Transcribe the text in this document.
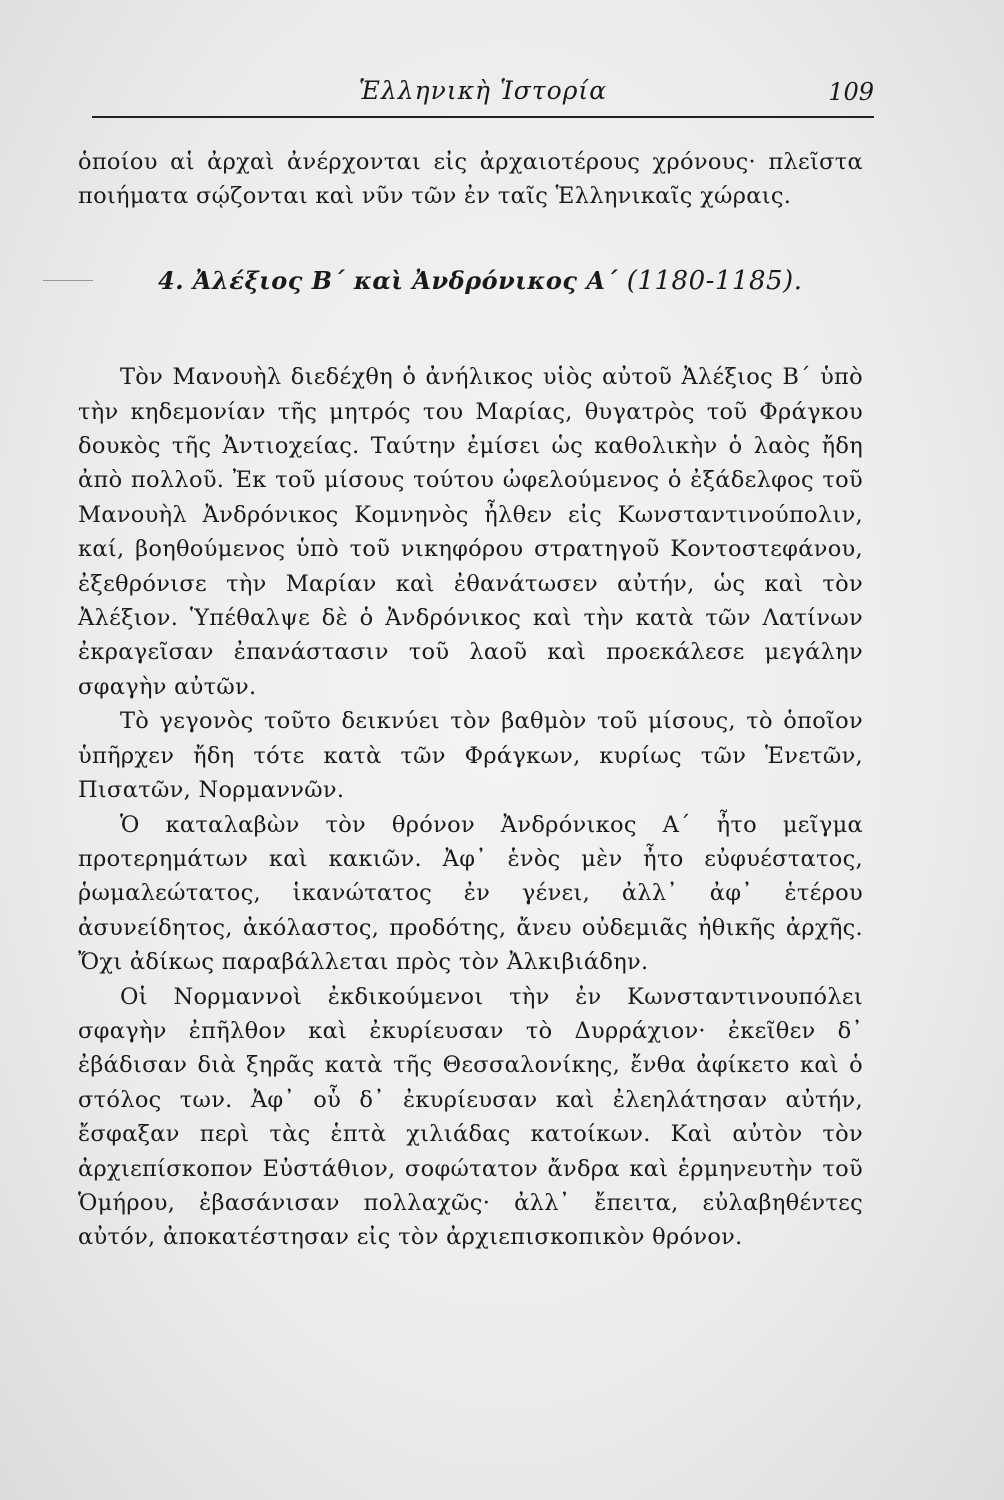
Ἑλληνικὴ Ἱστορία	109

ὁποίου αἱ ἀρχαὶ ἀνέρχονται εἰς ἀρχαιοτέρους χρόνους· πλεῖστα ποιήματα σῴζονται καὶ νῦν τῶν ἐν ταῖς Ἑλληνικαῖς χώραις.

4. Ἀλέξιος Β΄ καὶ Ἀνδρόνικος Α΄ (1180-1185).

Τὸν Μανουὴλ διεδέχθη ὁ ἀνήλικος υἱὸς αὐτοῦ Ἀλέξιος Β΄ ὑπὸ τὴν κηδεμονίαν τῆς μητρός του Μαρίας, θυγατρὸς τοῦ Φράγκου δουκὸς τῆς Ἀντιοχείας. Ταύτην ἐμίσει ὡς καθολικὴν ὁ λαὸς ἤδη ἀπὸ πολλοῦ. Ἐκ τοῦ μίσους τούτου ὠφελούμενος ὁ ἐξάδελφος τοῦ Μανουὴλ Ἀνδρόνικος Κομνηνὸς ἦλθεν εἰς Κωνσταντινούπολιν, καί, βοηθούμενος ὑπὸ τοῦ νικηφόρου στρατηγοῦ Κοντοστεφάνου, ἐξεθρόνισε τὴν Μαρίαν καὶ ἐθανάτωσεν αὐτήν, ὡς καὶ τὸν Ἀλέξιον. Ὑπέθαλψε δὲ ὁ Ἀνδρόνικος καὶ τὴν κατὰ τῶν Λατίνων ἐκραγεῖσαν ἐπανάστασιν τοῦ λαοῦ καὶ προεκάλεσε μεγάλην σφαγὴν αὐτῶν.

Τὸ γεγονὸς τοῦτο δεικνύει τὸν βαθμὸν τοῦ μίσους, τὸ ὁποῖον ὑπῆρχεν ἤδη τότε κατὰ τῶν Φράγκων, κυρίως τῶν Ἑνετῶν, Πισατῶν, Νορμαννῶν.

Ὁ καταλαβὼν τὸν θρόνον Ἀνδρόνικος Α΄ ἦτο μεῖγμα προτερημάτων καὶ κακιῶν. Ἀφ᾽ ἑνὸς μὲν ἦτο εὐφυέστατος, ῥωμαλεώτατος, ἱκανώτατος ἐν γένει, ἀλλ᾽ ἀφ᾽ ἑτέρου ἀσυνείδητος, ἀκόλαστος, προδότης, ἄνευ οὐδεμιᾶς ἠθικῆς ἀρχῆς. Ὄχι ἀδίκως παραβάλλεται πρὸς τὸν Ἀλκιβιάδην.

Οἱ Νορμαννοὶ ἐκδικούμενοι τὴν ἐν Κωνσταντινουπόλει σφαγὴν ἐπῆλθον καὶ ἐκυρίευσαν τὸ Δυρράχιον· ἐκεῖθεν δ᾽ ἐβάδισαν διὰ ξηρᾶς κατὰ τῆς Θεσσαλονίκης, ἔνθα ἀφίκετο καὶ ὁ στόλος των. Ἀφ᾽ οὗ δ᾽ ἐκυρίευσαν καὶ ἐλεηλάτησαν αὐτήν, ἔσφαξαν περὶ τὰς ἑπτὰ χιλιάδας κατοίκων. Καὶ αὐτὸν τὸν ἀρχιεπίσκοπον Εὐστάθιον, σοφώτατον ἄνδρα καὶ ἑρμηνευτὴν τοῦ Ὁμήρου, ἐβασάνισαν πολλαχῶς· ἀλλ᾽ ἔπειτα, εὐλαβηθέντες αὐτόν, ἀποκατέστησαν εἰς τὸν ἀρχιεπισκοπικὸν θρόνον.
